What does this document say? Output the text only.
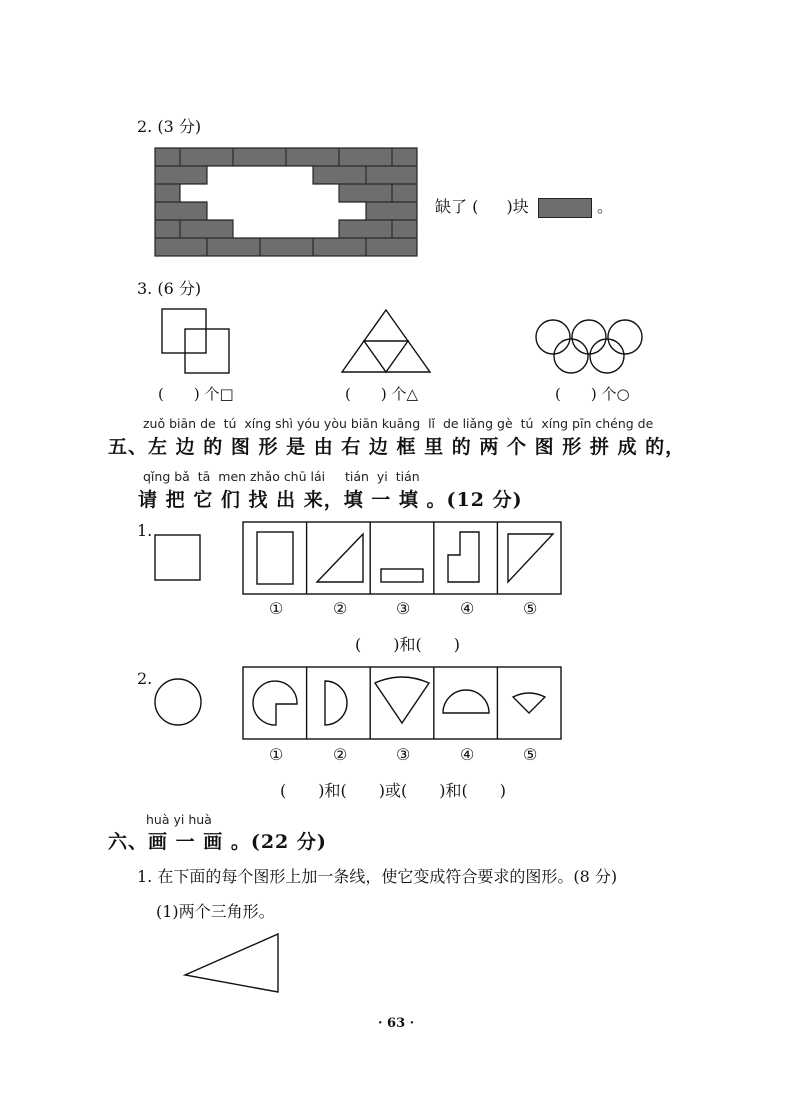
2. (3 分)
缺了 ( )块	。
3. (6 分)
(　　) 个□	(　　) 个△	(　　) 个○
zuǒ biān de  tú  xíng shì yóu yòu biān kuāng  lǐ  de liǎng gè  tú  xíng pīn chéng de
五、左 边 的 图 形 是 由 右 边 框 里 的 两 个 图 形 拼 成 的，
qǐng bǎ  tā  men zhǎo chū lái     tián  yi  tián
请 把 它 们 找 出 来，填 一 填 。(12 分)
1.
①	②	③	④	⑤
(　　)和(　　)
2.
①	②	③	④	⑤
(　　)和(　　)或(　　)和(　　)
huà yi huà
六、画 一 画 。(22 分)
1. 在下面的每个图形上加一条线，使它变成符合要求的图形。(8 分)
(1)两个三角形。
· 63 ·
